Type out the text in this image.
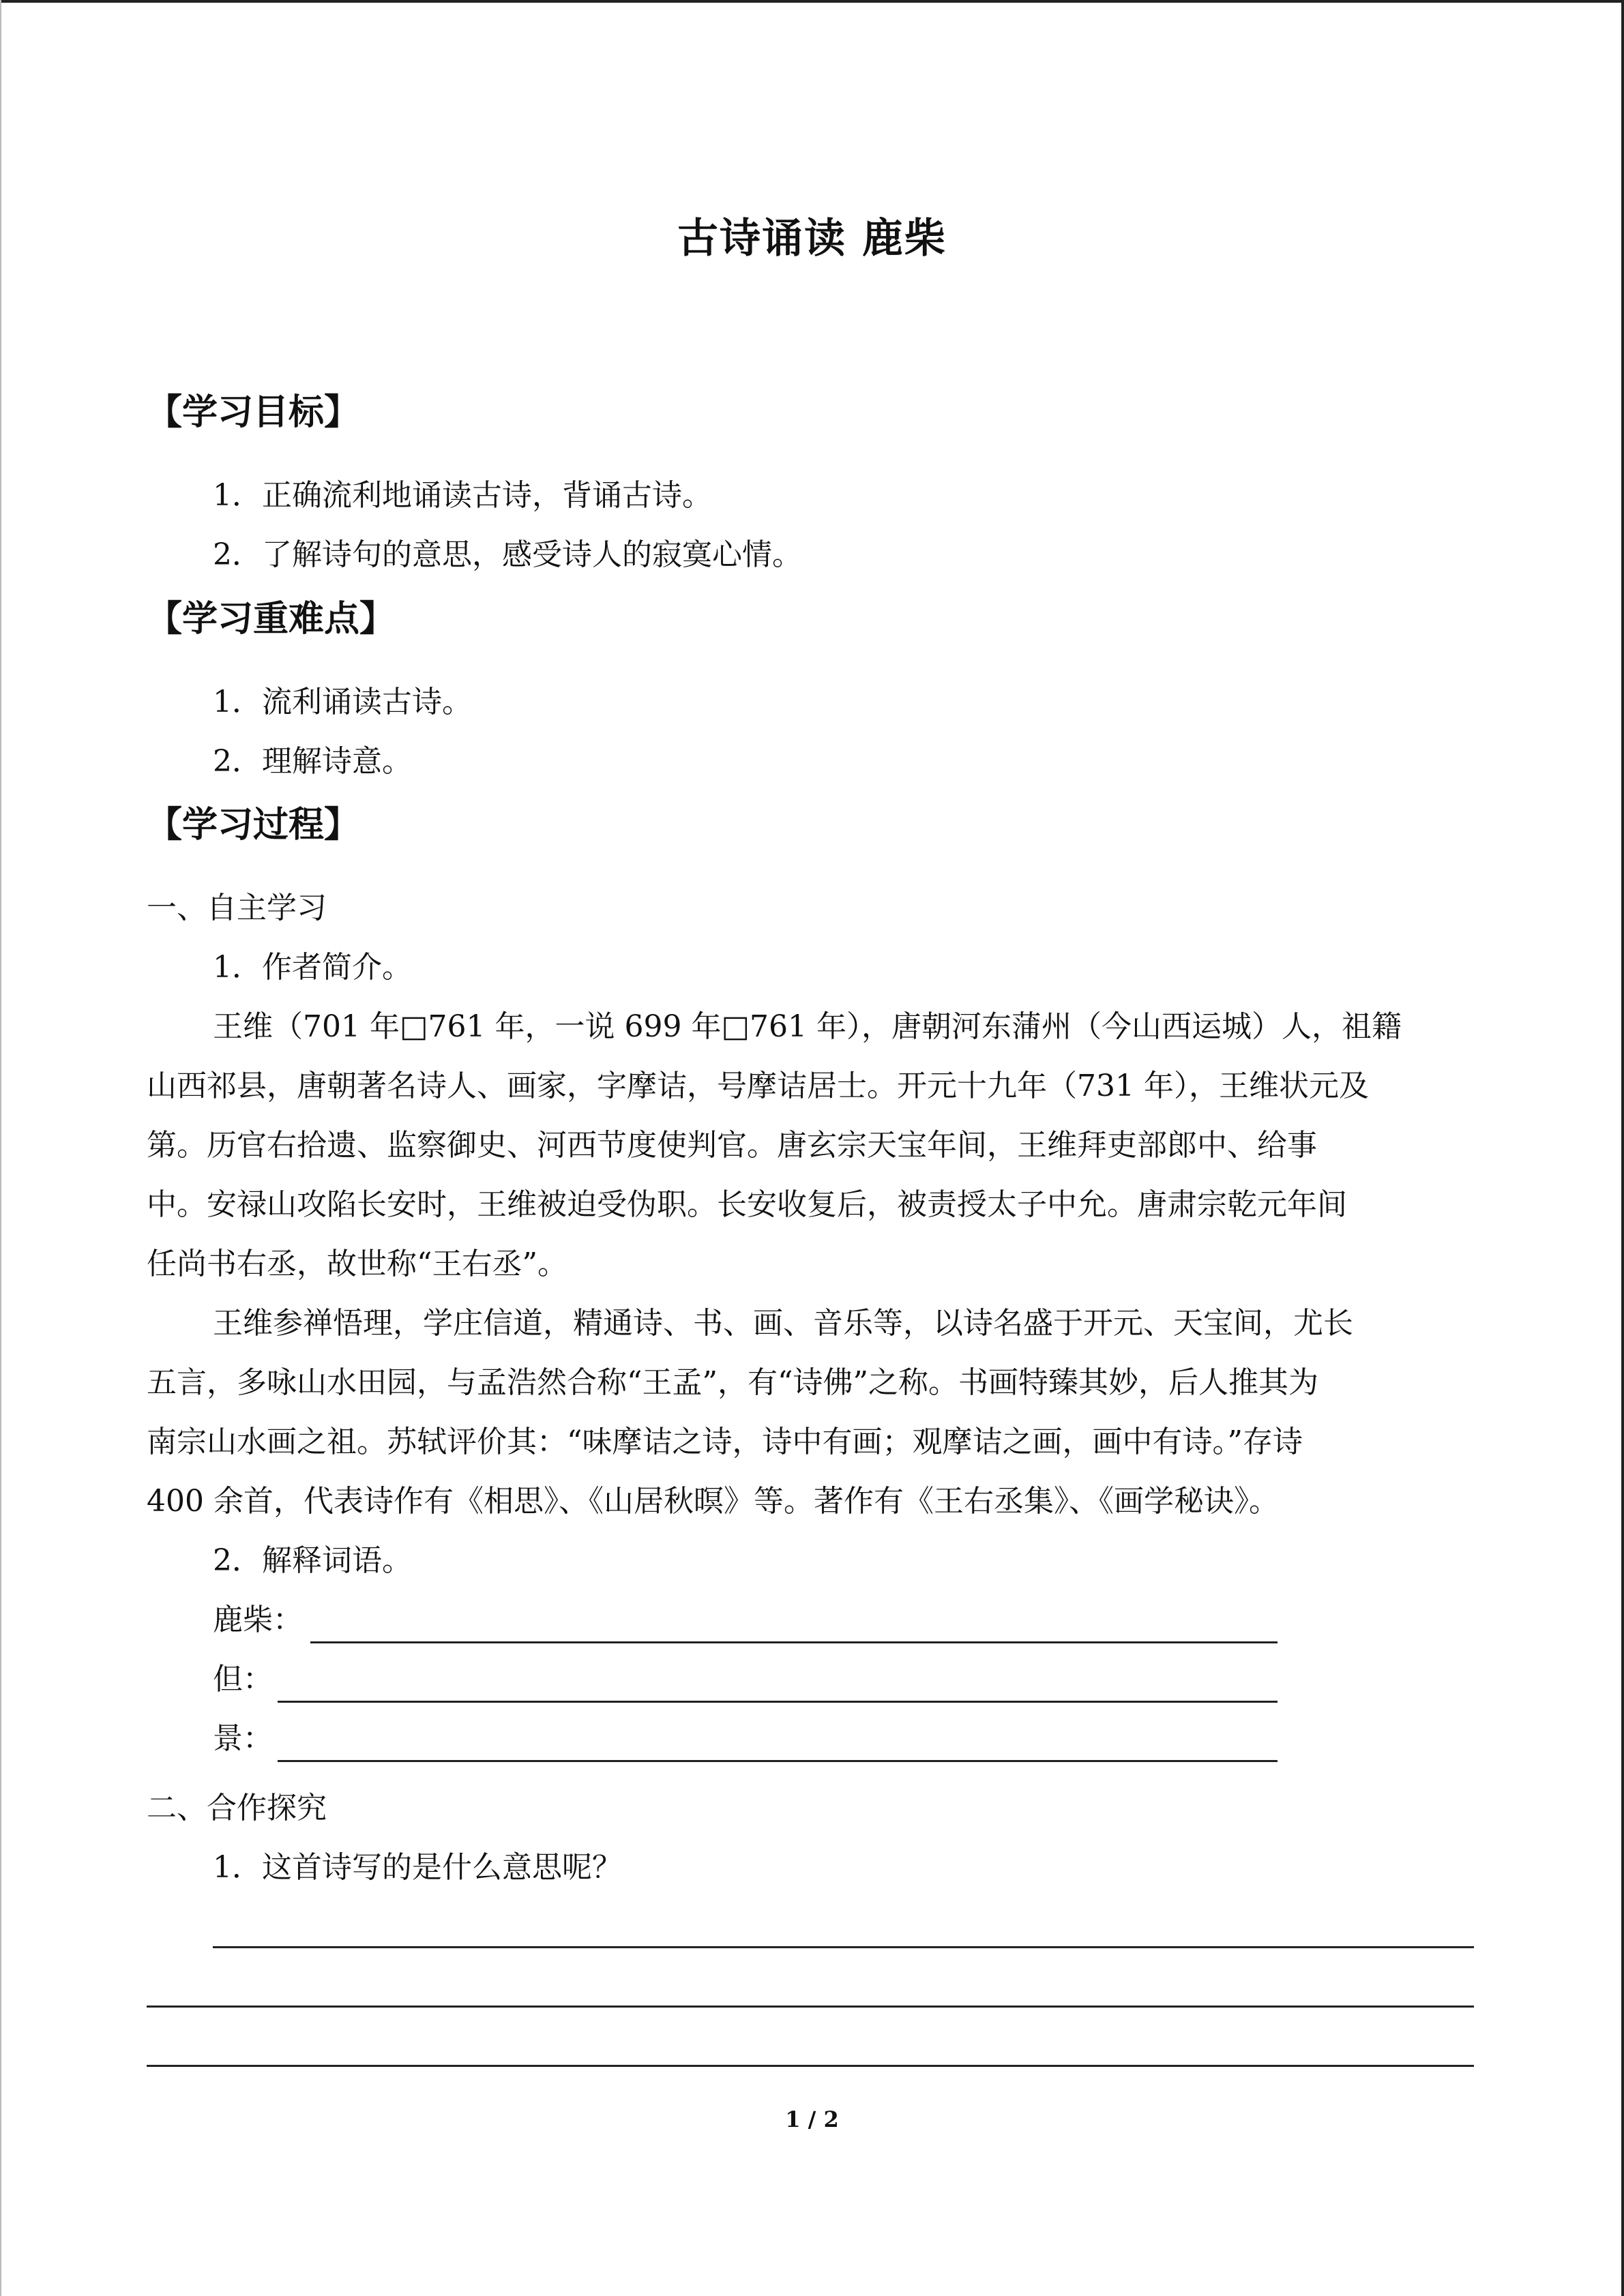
古诗诵读 鹿柴
【学习目标】
1．正确流利地诵读古诗，背诵古诗。
2．了解诗句的意思，感受诗人的寂寞心情。
【学习重难点】
1．流利诵读古诗。
2．理解诗意。
【学习过程】
一、自主学习
1．作者简介。
王维（701 年□761 年，一说 699 年□761 年），唐朝河东蒲州（今山西运城）人，祖籍
山西祁县，唐朝著名诗人、画家，字摩诘，号摩诘居士。开元十九年（731 年），王维状元及
第。历官右拾遗、监察御史、河西节度使判官。唐玄宗天宝年间，王维拜吏部郎中、给事
中。安禄山攻陷长安时，王维被迫受伪职。长安收复后，被责授太子中允。唐肃宗乾元年间
任尚书右丞，故世称“王右丞”。
王维参禅悟理，学庄信道，精通诗、书、画、音乐等，以诗名盛于开元、天宝间，尤长
五言，多咏山水田园，与孟浩然合称“王孟”，有“诗佛”之称。书画特臻其妙，后人推其为
南宗山水画之祖。苏轼评价其：“味摩诘之诗，诗中有画；观摩诘之画，画中有诗。”存诗
400 余首，代表诗作有《相思》、《山居秋暝》等。著作有《王右丞集》、《画学秘诀》。
2．解释词语。
鹿柴：
但：
景：
二、合作探究
1．这首诗写的是什么意思呢？
1 / 2
